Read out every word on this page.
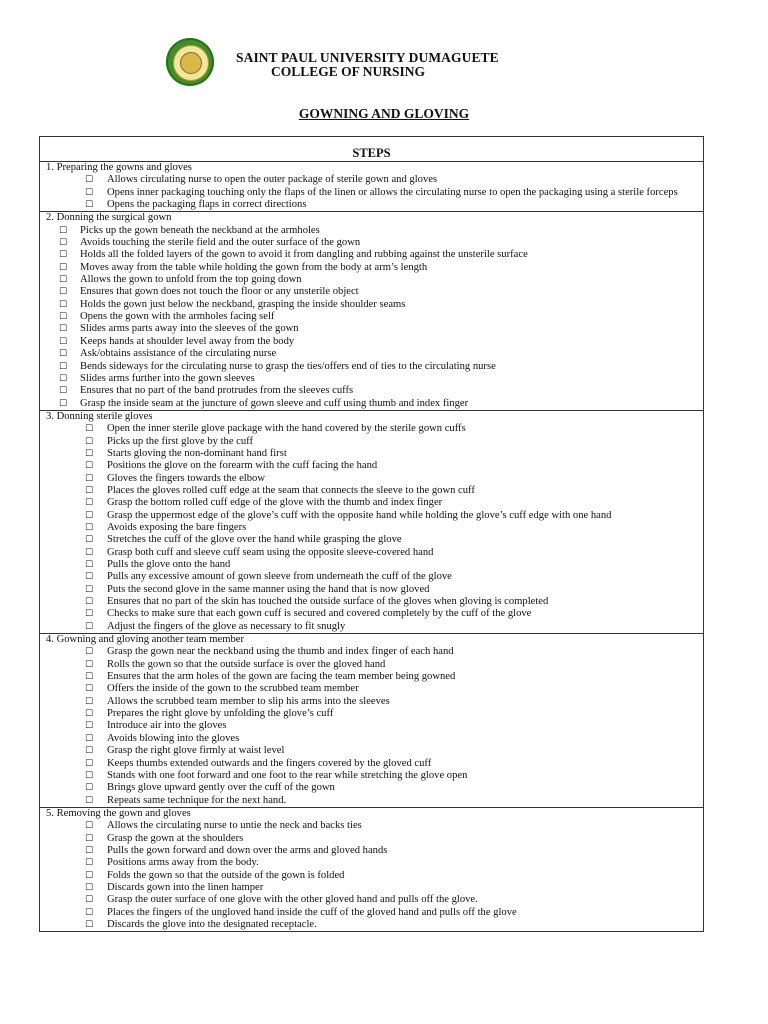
SAINT PAUL UNIVERSITY DUMAGUETE
COLLEGE OF NURSING
GOWNING AND GLOVING
STEPS

1. Preparing the gowns and gloves
☐ Allows circulating nurse to open the outer package of sterile gown and gloves
☐ Opens inner packaging touching only the flaps of the linen or allows the circulating nurse to open the packaging using a sterile forceps
☐ Opens the packaging flaps in correct directions

2. Donning the surgical gown
☐ Picks up the gown beneath the neckband at the armholes
☐ Avoids touching the sterile field and the outer surface of the gown
☐ Holds all the folded layers of the gown to avoid it from dangling and rubbing against the unsterile surface
☐ Moves away from the table while holding the gown from the body at arm’s length
☐ Allows the gown to unfold from the top going down
☐ Ensures that gown does not touch the floor or any unsterile object
☐ Holds the gown just below the neckband, grasping the inside shoulder seams
☐ Opens the gown with the armholes facing self
☐ Slides arms parts away into the sleeves of the gown
☐ Keeps hands at shoulder level away from the body
☐ Ask/obtains assistance of the circulating nurse
☐ Bends sideways for the circulating nurse to grasp the ties/offers end of ties to the circulating nurse
☐ Slides arms further into the gown sleeves
☐ Ensures that no part of the band protrudes from the sleeves cuffs
☐ Grasp the inside seam at the juncture of gown sleeve and cuff using thumb and index finger

3. Donning sterile gloves
☐ Open the inner sterile glove package with the hand covered by the sterile gown cuffs
☐ Picks up the first glove by the cuff
☐ Starts gloving the non-dominant hand first
☐ Positions the glove on the forearm with the cuff facing the hand
☐ Gloves the fingers towards the elbow
☐ Places the gloves rolled cuff edge at the seam that connects the sleeve to the gown cuff
☐ Grasp the bottom rolled cuff edge of the glove with the thumb and index finger
☐ Grasp the uppermost edge of the glove’s cuff with the opposite hand while holding the glove’s cuff edge with one hand
☐ Avoids exposing the bare fingers
☐ Stretches the cuff of the glove over the hand while grasping the glove
☐ Grasp both cuff and sleeve cuff seam using the opposite sleeve-covered hand
☐ Pulls the glove onto the hand
☐ Pulls any excessive amount of gown sleeve from underneath the cuff of the glove
☐ Puts the second glove in the same manner using the hand that is now gloved
☐ Ensures that no part of the skin has touched the outside surface of the gloves when gloving is completed
☐ Checks to make sure that each gown cuff is secured and covered completely by the cuff of the glove
☐ Adjust the fingers of the glove as necessary to fit snugly

4. Gowning and gloving another team member
☐ Grasp the gown near the neckband using the thumb and index finger of each hand
☐ Rolls the gown so that the outside surface is over the gloved hand
☐ Ensures that the arm holes of the gown are facing the team member being gowned
☐ Offers the inside of the gown to the scrubbed team member
☐ Allows the scrubbed team member to slip his arms into the sleeves
☐ Prepares the right glove by unfolding the glove’s cuff
☐ Introduce air into the gloves
☐ Avoids blowing into the gloves
☐ Grasp the right glove firmly at waist level
☐ Keeps thumbs extended outwards and the fingers covered by the gloved cuff
☐ Stands with one foot forward and one foot to the rear while stretching the glove open
☐ Brings glove upward gently over the cuff of the gown
☐ Repeats same technique for the next hand.

5. Removing the gown and gloves
☐ Allows the circulating nurse to untie the neck and backs ties
☐ Grasp the gown at the shoulders
☐ Pulls the gown forward and down over the arms and gloved hands
☐ Positions arms away from the body.
☐ Folds the gown so that the outside of the gown is folded
☐ Discards gown into the linen hamper
☐ Grasp the outer surface of one glove with the other gloved hand and pulls off the glove.
☐ Places the fingers of the ungloved hand inside the cuff of the gloved hand and pulls off the glove
☐ Discards the glove into the designated receptacle.
